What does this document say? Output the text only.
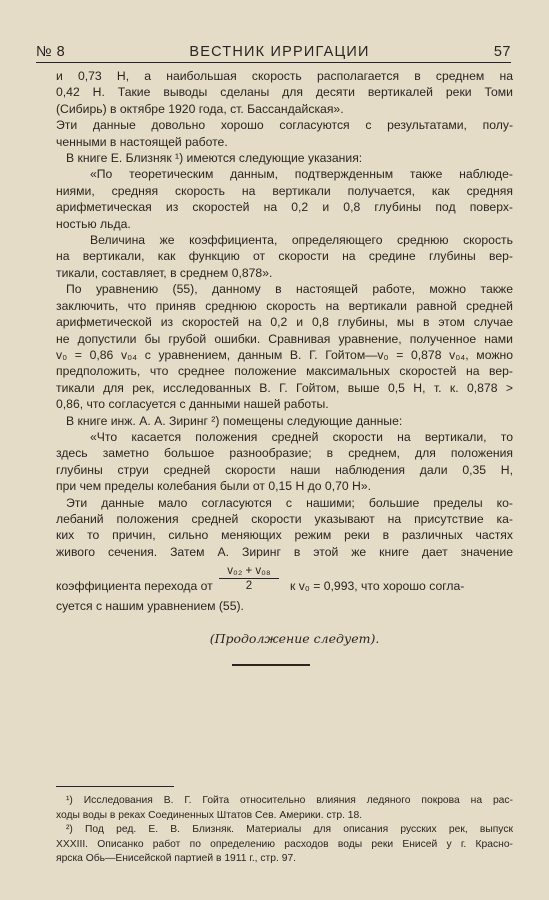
№ 8	ВЕСТНИК ИРРИГАЦИИ	57
и 0,73 Н, а наибольшая скорость располагается в среднем на
0,42 Н. Такие выводы сделаны для десяти вертикалей реки Томи
(Сибирь) в октябре 1920 года, ст. Бассандайская».
Эти данные довольно хорошо согласуются с результатами, полу-
ченными в настоящей работе.
В книге Е. Близняк ¹) имеются следующие указания:
«По теоретическим данным, подтвержденным также наблюде-
ниями, средняя скорость на вертикали получается, как средняя
арифметическая из скоростей на 0,2 и 0,8 глубины под поверх-
ностью льда.
Величина же коэффициента, определяющего среднюю скорость
на вертикали, как функцию от скорости на средине глубины вер-
тикали, составляет, в среднем 0,878».
По уравнению (55), данному в настоящей работе, можно также
заключить, что приняв среднюю скорость на вертикали равной средней
арифметической из скоростей на 0,2 и 0,8 глубины, мы в этом случае
не допустили бы грубой ошибки. Сравнивая уравнение, полученное нами
v₀ = 0,86 v₀₄ с уравнением, данным В. Г. Гойтом—v₀ = 0,878 v₀₄, можно
предположить, что среднее положение максимальных скоростей на вер-
тикали для рек, исследованных В. Г. Гойтом, выше 0,5 Н, т. к. 0,878 >
0,86, что согласуется с данными нашей работы.
В книге инж. А. А. Зиринг ²) помещены следующие данные:
«Что касается положения средней скорости на вертикали, то
здесь заметно большое разнообразие; в среднем, для положения
глубины струи средней скорости наши наблюдения дали 0,35 Н,
при чем пределы колебания были от 0,15 Н до 0,70 Н».
Эти данные мало согласуются с нашими; большие пределы ко-
лебаний положения средней скорости указывают на присутствие ка-
ких то причин, сильно меняющих режим реки в различных частях
живого сечения. Затем А. Зиринг в этой же книге дает значение
коэффициента перехода от $\frac{\text{v₀₂ + v₀₈}}{2}$ к v₀ = 0,993, что хорошо согла-
суется с нашим уравнением (55).
(Продолжение следует).
¹) Исследования В. Г. Гойта относительно влияния ледяного покрова на рас-
ходы воды в реках Соединенных Штатов Сев. Америки. стр. 18.
²) Под ред. Е. В. Близняк. Материалы для описания русских рек, выпуск
XXXIII. Описанко работ по определению расходов воды реки Енисей у г. Красно-
ярска Обь—Енисейской партией в 1911 г., стр. 97.
